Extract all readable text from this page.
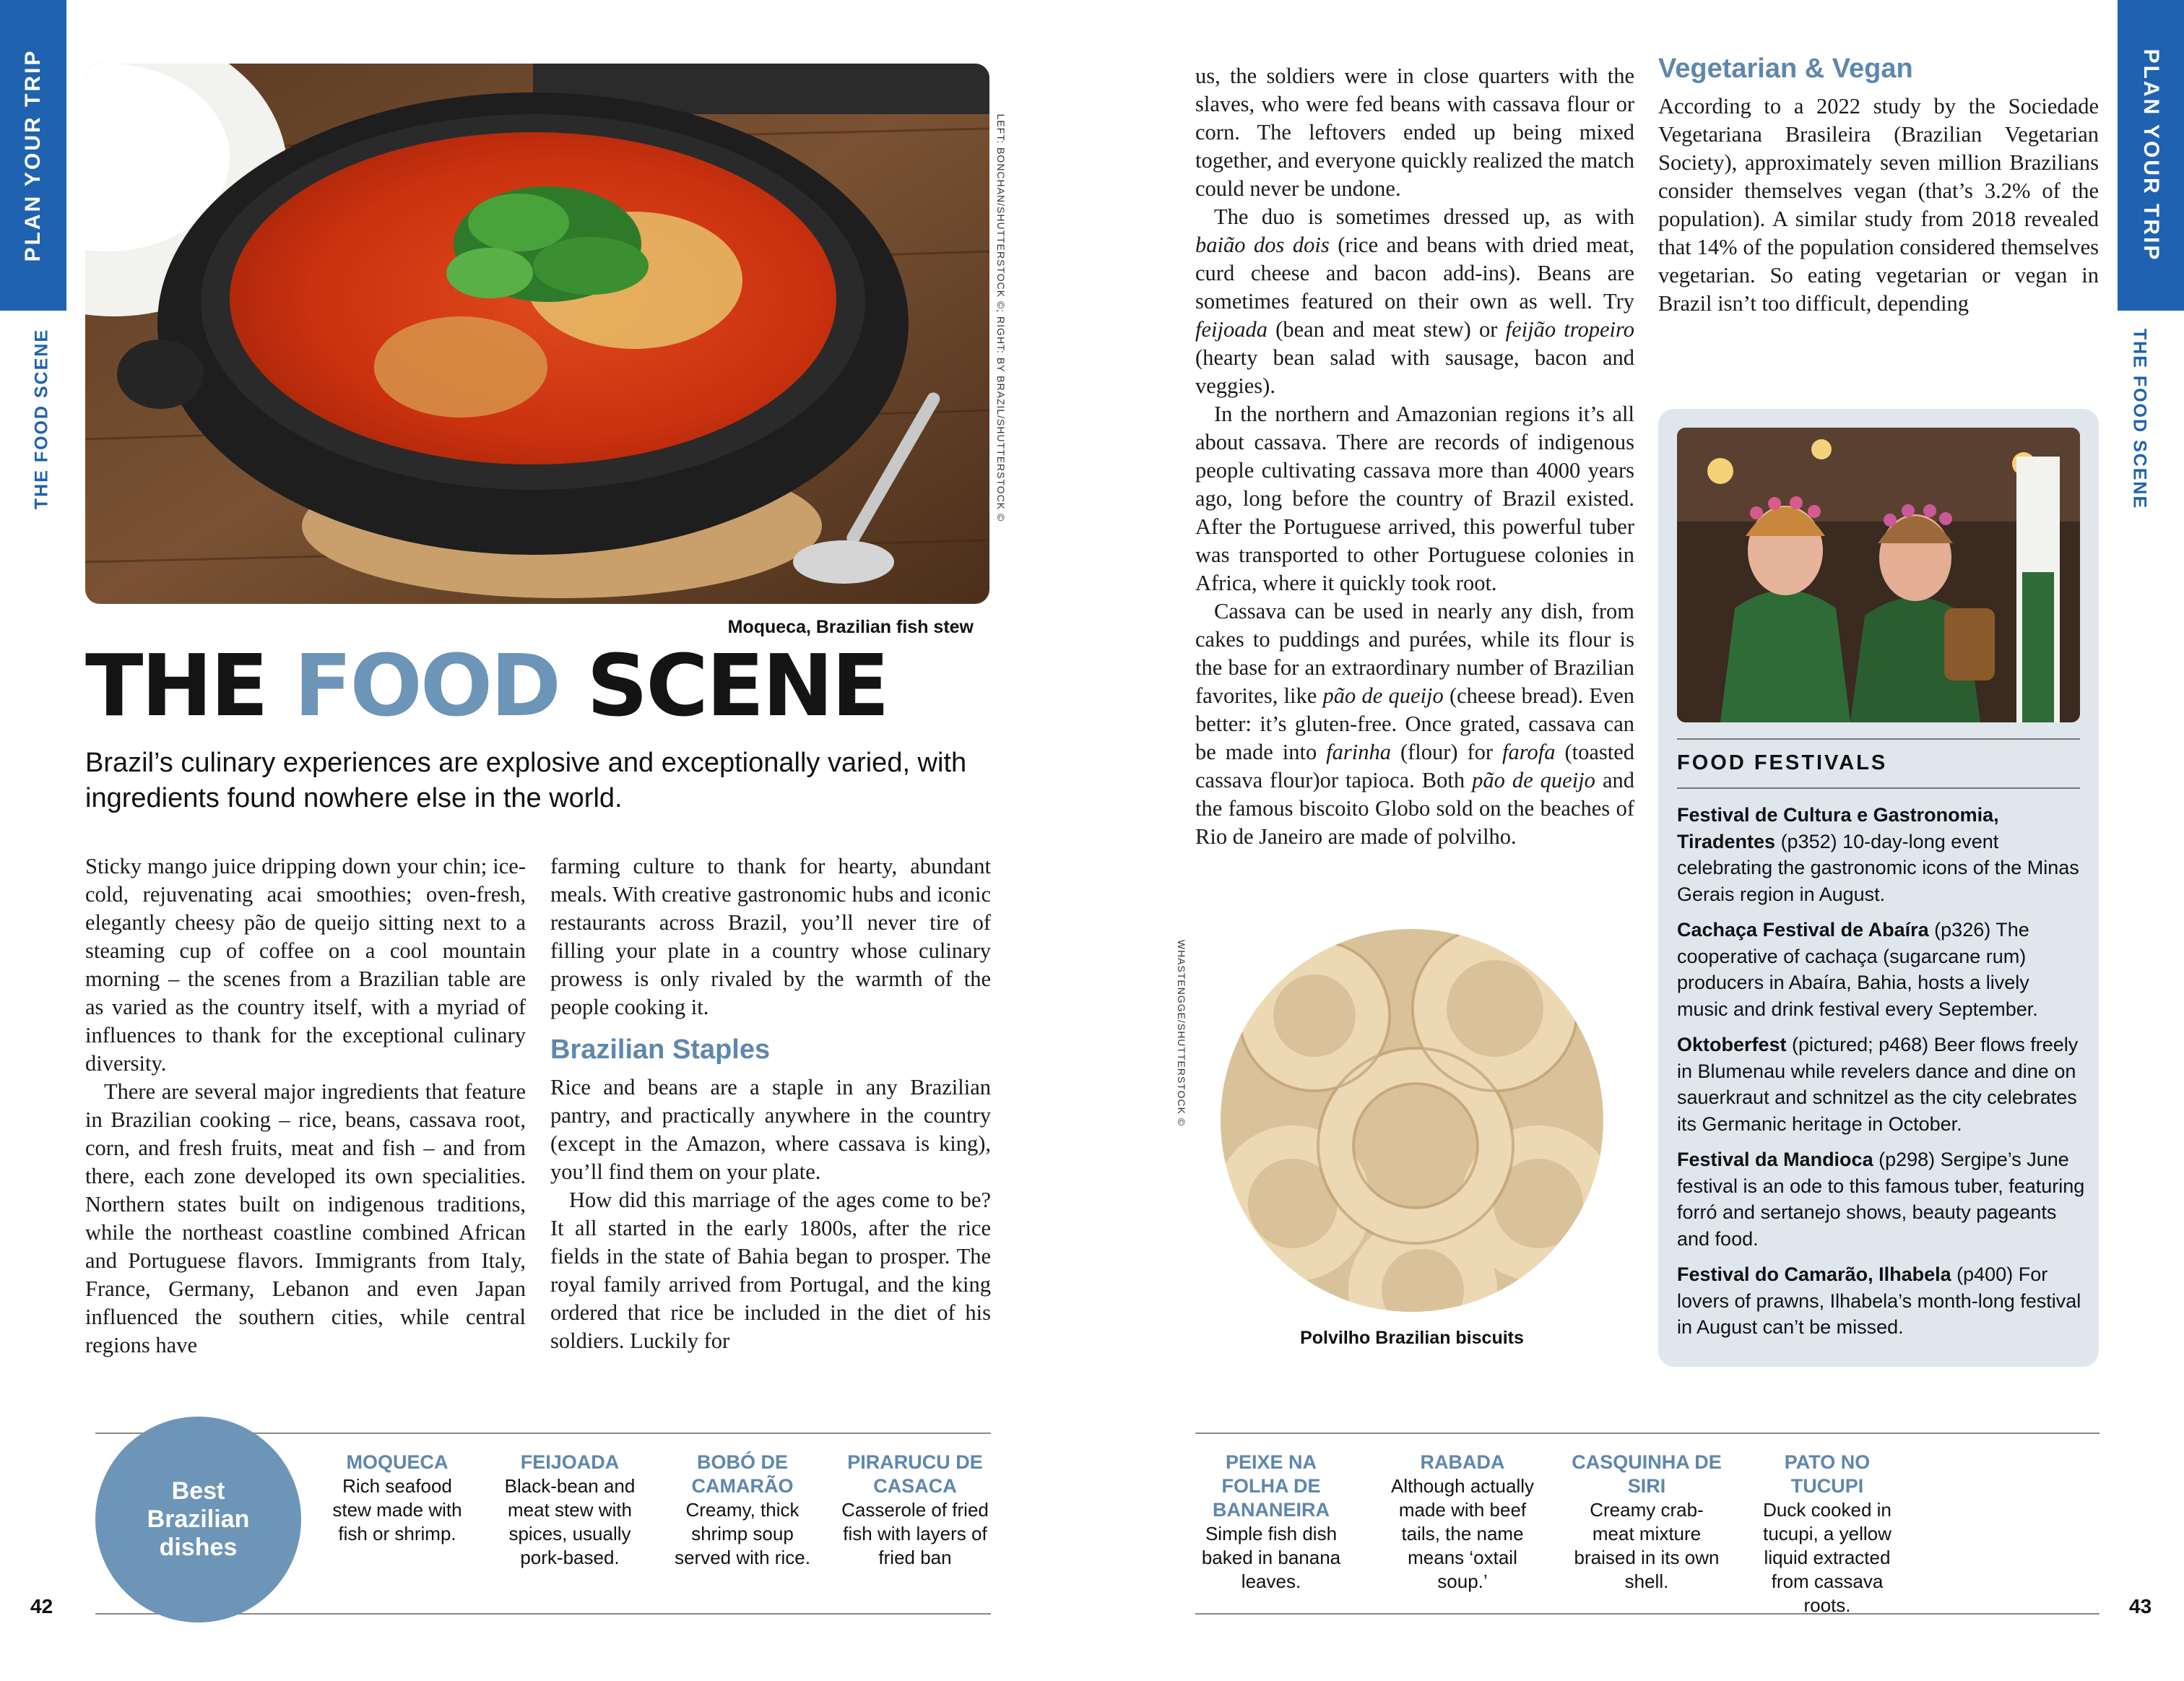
PLAN YOUR TRIP
THE FOOD SCENE
PLAN YOUR TRIP
THE FOOD SCENE
LEFT: BONCHAN/SHUTTERSTOCK ©; RIGHT: BY BRAZIL/SHUTTERSTOCK ©
Moqueca, Brazilian fish stew
THE FOOD SCENE
Brazil’s culinary experiences are explosive and exceptionally varied, with ingredients found nowhere else in the world.

Sticky mango juice dripping down your chin; ice-cold, rejuvenating acai smoothies; oven-fresh, elegantly cheesy pão de queijo sitting next to a steaming cup of coffee on a cool mountain morning – the scenes from a Brazilian table are as varied as the country itself, with a myriad of influences to thank for the exceptional culinary diversity.

There are several major ingredients that feature in Brazilian cooking – rice, beans, cassava root, corn, and fresh fruits, meat and fish – and from there, each zone developed its own specialities. Northern states built on indigenous traditions, while the northeast coastline combined African and Portuguese flavors. Immigrants from Italy, France, Germany, Lebanon and even Japan influenced the southern cities, while central regions have

farming culture to thank for hearty, abundant meals. With creative gastronomic hubs and iconic restaurants across Brazil, you’ll never tire of filling your plate in a country whose culinary prowess is only rivaled by the warmth of the people cooking it.

Brazilian Staples

Rice and beans are a staple in any Brazilian pantry, and practically anywhere in the country (except in the Amazon, where cassava is king), you’ll find them on your plate.

How did this marriage of the ages come to be? It all started in the early 1800s, after the rice fields in the state of Bahia began to prosper. The royal family arrived from Portugal, and the king ordered that rice be included in the diet of his soldiers. Luckily for

us, the soldiers were in close quarters with the slaves, who were fed beans with cassava flour or corn. The leftovers ended up being mixed together, and everyone quickly realized the match could never be undone.

The duo is sometimes dressed up, as with baião dos dois (rice and beans with dried meat, curd cheese and bacon add-ins). Beans are sometimes featured on their own as well. Try feijoada (bean and meat stew) or feijão tropeiro (hearty bean salad with sausage, bacon and veggies).

In the northern and Amazonian regions it’s all about cassava. There are records of indigenous people cultivating cassava more than 4000 years ago, long before the country of Brazil existed. After the Portuguese arrived, this powerful tuber was transported to other Portuguese colonies in Africa, where it quickly took root.

Cassava can be used in nearly any dish, from cakes to puddings and purées, while its flour is the base for an extraordinary number of Brazilian favorites, like pão de queijo (cheese bread). Even better: it’s gluten-free. Once grated, cassava can be made into farinha (flour) for farofa (toasted cassava flour)or tapioca. Both pão de queijo and the famous biscoito Globo sold on the beaches of Rio de Janeiro are made of polvilho.

Vegetarian & Vegan

According to a 2022 study by the Sociedade Vegetariana Brasileira (Brazilian Vegetarian Society), approximately seven million Brazilians consider themselves vegan (that’s 3.2% of the population). A similar study from 2018 revealed that 14% of the population considered themselves vegetarian. So eating vegetarian or vegan in Brazil isn’t too difficult, depending

WHASTENGGE/SHUTTERSTOCK ©
Polvilho Brazilian biscuits
FOOD FESTIVALS
Festival de Cultura e Gastronomia, Tiradentes (p352) 10-day-long event celebrating the gastronomic icons of the Minas Gerais region in August.
Cachaça Festival de Abaíra (p326) The cooperative of cachaça (sugarcane rum) producers in Abaíra, Bahia, hosts a lively music and drink festival every September.
Oktoberfest (pictured; p468) Beer flows freely in Blumenau while revelers dance and dine on sauerkraut and schnitzel as the city celebrates its Germanic heritage in October.
Festival da Mandioca (p298) Sergipe’s June festival is an ode to this famous tuber, featuring forró and sertanejo shows, beauty pageants and food.
Festival do Camarão, Ilhabela (p400) For lovers of prawns, Ilhabela’s month-long festival in August can’t be missed.
Best Brazilian dishes
MOQUECA
Rich seafood stew made with fish or shrimp.
FEIJOADA
Black-bean and meat stew with spices, usually pork-based.
BOBÓ DE CAMARÃO
Creamy, thick shrimp soup served with rice.
PIRARUCU DE CASACA
Casserole of fried fish with layers of fried ban
PEIXE NA FOLHA DE BANANEIRA
Simple fish dish baked in banana leaves.
RABADA
Although actually made with beef tails, the name means ‘oxtail soup.’
CASQUINHA DE SIRI
Creamy crab-meat mixture braised in its own shell.
PATO NO TUCUPI
Duck cooked in tucupi, a yellow liquid extracted from cassava roots.
42	43
